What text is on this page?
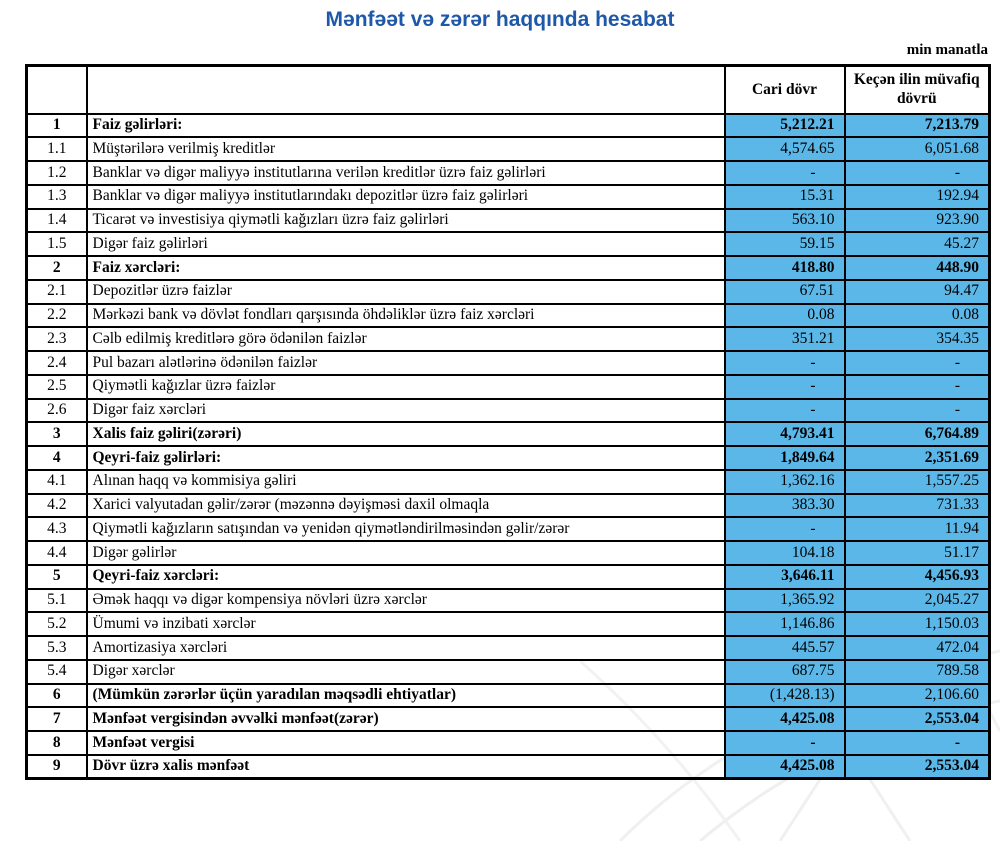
Mənfəət və zərər haqqında hesabat
min manatla
		Cari dövr	Keçən ilin müvafiq dövrü
1	Faiz gəlirləri:	5,212.21	7,213.79
1.1	Müştərilərə verilmiş kreditlər	4,574.65	6,051.68
1.2	Banklar və digər maliyyə institutlarına verilən kreditlər üzrə faiz gəlirləri	-	-
1.3	Banklar və digər maliyyə institutlarındakı depozitlər üzrə faiz gəlirləri	15.31	192.94
1.4	Ticarət və investisiya qiymətli kağızları üzrə faiz gəlirləri	563.10	923.90
1.5	Digər faiz gəlirləri	59.15	45.27
2	Faiz xərcləri:	418.80	448.90
2.1	Depozitlər üzrə faizlər	67.51	94.47
2.2	Mərkəzi bank və dövlət fondları qarşısında öhdəliklər üzrə faiz xərcləri	0.08	0.08
2.3	Cəlb edilmiş kreditlərə görə ödənilən faizlər	351.21	354.35
2.4	Pul bazarı alətlərinə ödənilən faizlər	-	-
2.5	Qiymətli kağızlar üzrə faizlər	-	-
2.6	Digər faiz xərcləri	-	-
3	Xalis faiz gəliri(zərəri)	4,793.41	6,764.89
4	Qeyri-faiz gəlirləri:	1,849.64	2,351.69
4.1	Alınan haqq və kommisiya gəliri	1,362.16	1,557.25
4.2	Xarici valyutadan gəlir/zərər (məzənnə dəyişməsi daxil olmaqla	383.30	731.33
4.3	Qiymətli kağızların satışından və yenidən qiymətləndirilməsindən gəlir/zərər	-	11.94
4.4	Digər gəlirlər	104.18	51.17
5	Qeyri-faiz xərcləri:	3,646.11	4,456.93
5.1	Əmək haqqı və digər kompensiya növləri üzrə xərclər	1,365.92	2,045.27
5.2	Ümumi və inzibati xərclər	1,146.86	1,150.03
5.3	Amortizasiya xərcləri	445.57	472.04
5.4	Digər xərclər	687.75	789.58
6	(Mümkün zərərlər üçün yaradılan məqsədli ehtiyatlar)	(1,428.13)	2,106.60
7	Mənfəət vergisindən əvvəlki mənfəət(zərər)	4,425.08	2,553.04
8	Mənfəət vergisi	-	-
9	Dövr üzrə xalis mənfəət	4,425.08	2,553.04
